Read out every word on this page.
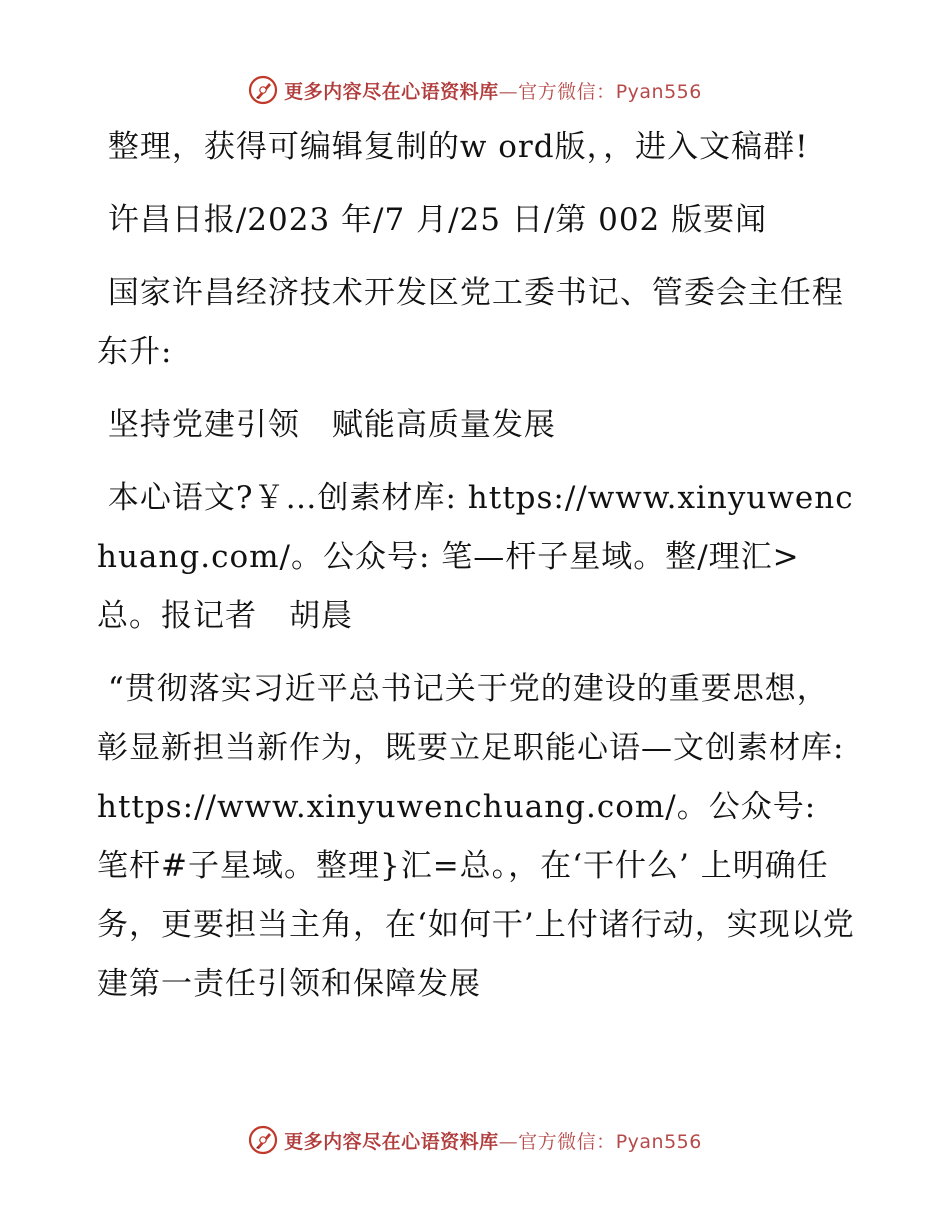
更多内容尽在心语资料库—官方微信：Pyan556

整理，获得可编辑复制的w ord版，，进入文稿群!

许昌日报/2023 年/7 月/25 日/第 002 版要闻

国家许昌经济技术开发区党工委书记、管委会主任程东升:

坚持党建引领　赋能高质量发展

本心语文?￥…创素材库: https://www.xinyuwenchuang.com/。公众号: 笔—杆子星域。整/理汇>总。报记者　胡晨

“贯彻落实习近平总书记关于党的建设的重要思想，彰显新担当新作为，既要立足职能心语—文创素材库: https://www.xinyuwenchuang.com/。公众号: 笔杆#子星域。整理}汇=总。，在‘干什么’ 上明确任务，更要担当主角，在‘如何干’上付诸行动，实现以党建第一责任引领和保障发展

更多内容尽在心语资料库—官方微信：Pyan556
